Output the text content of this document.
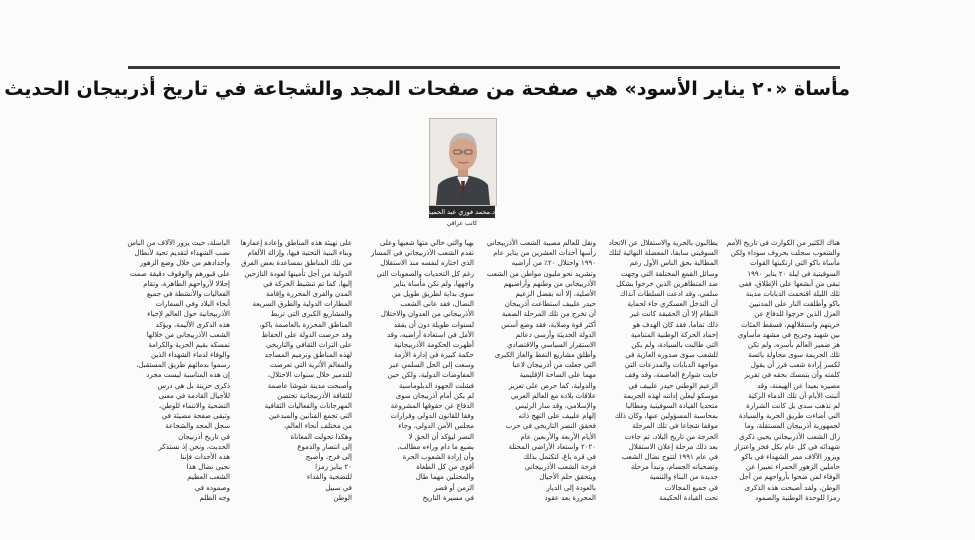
مأساة «٢٠ يناير الأسود» هي صفحة من صفحات المجد والشجاعة في تاريخ أذربيجان الحديث
د.محمد فوزي عبد الحميد
كاتب عراقي
هناك الكثير من الكوارث في تاريخ الأمم
والشعوب سجلت بحروف سوداء ولكن
مأساة باكو التي ارتكبتها القوات
السوفيتية في ليلة ٢٠ يناير ١٩٩٠
تبقى من أبشعها على الإطلاق، ففي
تلك الليلة اقتحمت الدبابات مدينة
باكو وأطلقت النار على المدنيين
العزل الذين خرجوا للدفاع عن
حريتهم واستقلالهم، فسقط المئات
بين شهيد وجريح في مشهد مأساوي
هز ضمير العالم بأسره، ولم تكن
تلك الجريمة سوى محاولة يائسة
لكسر إرادة شعب قرر أن يقول
كلمته وأن يتمسك بحقه في تقرير
مصيره بعيدا عن الهيمنة، وقد
أثبتت الأيام أن تلك الدماء الزكية
لم تذهب سدى بل كانت الشرارة
التي أضاءت طريق الحرية والسيادة
لجمهورية أذربيجان المستقلة، وما
زال الشعب الأذربيجاني يحيي ذكرى
شهدائه في كل عام بكل فخر واعتزاز
ويزور الآلاف ممر الشهداء في باكو
حاملين الزهور الحمراء تعبيرا عن
الوفاء لمن ضحوا بأرواحهم من أجل
الوطن، ولقد أصبحت هذه الذكرى
رمزا للوحدة الوطنية والصمود
يطالبون بالحرية والاستقلال عن الاتحاد
السوفيتي سابقا، المعضلة النهائية لتلك
المطالبة بحق الناس الأول رغم
وسائل القمع المختلفة التي وجهت
ضد المتظاهرين الذين خرجوا بشكل
سلمي، وقد ادعت السلطات آنذاك
أن التدخل العسكري جاء لحماية
النظام إلا أن الحقيقة كانت غير
ذلك تماما، فقد كان الهدف هو
إخماد الحركة الوطنية المتنامية
التي طالبت بالسيادة، ولم يكن
للشعب سوى صدوره العارية في
مواجهة الدبابات والمدرعات التي
جابت شوارع العاصمة، وقد وقف
الزعيم الوطني حيدر علييف في
موسكو ليعلن إدانته لهذه الجريمة
متحديا القيادة السوفيتية ومطالبا
بمحاسبة المسؤولين عنها، وكان ذلك
موقفا شجاعا في تلك المرحلة
الحرجة من تاريخ البلاد، ثم جاءت
بعد ذلك مرحلة إعلان الاستقلال
في عام ١٩٩١ لتتوج نضال الشعب
وتضحياته الجسام، وتبدأ مرحلة
جديدة من البناء والتنمية
في جميع المجالات
تحت القيادة الحكيمة
ونقل للعالم مصيبة الشعب الأذربيجاني
رأسها أحداث العشرين من يناير عام
١٩٩٠ واحتلال ٢٠٪ من أراضيه
وتشريد نحو مليون مواطن من الشعب
الأذربيجاني من وطنهم وأراضيهم
الأصلية، إلا أنه بفضل الزعيم
حيدر علييف استطاعت أذربيجان
أن تخرج من تلك المرحلة الصعبة
أكثر قوة وصلابة، فقد وضع أسس
الدولة الحديثة وأرسى دعائم
الاستقرار السياسي والاقتصادي
وأطلق مشاريع النفط والغاز الكبرى
التي جعلت من أذربيجان لاعبا
مهما على الساحة الإقليمية
والدولية، كما حرص على تعزيز
علاقات بلاده مع العالم العربي
والإسلامي، وقد سار الرئيس
إلهام علييف على النهج ذاته
فحقق النصر التاريخي في حرب
الأيام الأربعة والأربعين عام
٢٠٢٠ واستعاد الأراضي المحتلة
في قره باغ، لتكتمل بذلك
فرحة الشعب الأذربيجاني
ويتحقق حلم الأجيال
بالعودة إلى الديار
المحررة بعد عقود
بهيا والتي حالي متها شعبها وعلى
تقدم الشعب الأذربيجاني في المسار
الذي اختاره لنفسه منذ الاستقلال
رغم كل التحديات والصعوبات التي
واجهها، ولم تكن مأساة يناير
سوى بداية لطريق طويل من
النضال، فقد عانى الشعب
الأذربيجاني من العدوان والاحتلال
لسنوات طويلة دون أن يفقد
الأمل في استعادة أراضيه، وقد
أظهرت الحكومة الأذربيجانية
حكمة كبيرة في إدارة الأزمة
وسعت إلى الحل السلمي عبر
المفاوضات الدولية، ولكن حين
فشلت الجهود الدبلوماسية
لم يكن أمام أذربيجان سوى
الدفاع عن حقوقها المشروعة
وفقا للقانون الدولي وقرارات
مجلس الأمن الدولي، وجاء
النصر ليؤكد أن الحق لا
يضيع ما دام وراءه مطالب،
وأن إرادة الشعوب الحرة
أقوى من كل الطغاة
والمحتلين مهما طال
الزمن أو قصر
في مسيرة التاريخ
على تهيئة هذه المناطق وإعادة إعمارها
وبناء البنية التحتية فيها، وإزالة الألغام
من تلك المناطق بمساعدة بعض الفرق
الدولية من أجل تأمينها لعودة النازحين
إليها، كما تم تنشيط الحركة في
المدن والقرى المحررة وإقامة
المطارات الدولية والطرق السريعة
والمشاريع الكبرى التي تربط
المناطق المحررة بالعاصمة باكو،
وقد حرصت الدولة على الحفاظ
على التراث الثقافي والتاريخي
لهذه المناطق وترميم المساجد
والمعالم الأثرية التي تعرضت
للتدمير خلال سنوات الاحتلال،
وأصبحت مدينة شوشا عاصمة
للثقافة الأذربيجانية تحتضن
المهرجانات والفعاليات الثقافية
التي تجمع الفنانين والمبدعين
من مختلف أنحاء العالم،
وهكذا تحولت المعاناة
إلى انتصار والدموع
إلى فرح، وأصبح
٢٠ يناير رمزا
للتضحية والفداء
في سبيل
الوطن
الباسلة، حيث يزور الآلاف من الناس
نصب الشهداء لتقديم تحية لأبطال
وأجدادهم من خلال وضع الزهور
على قبورهم والوقوف دقيقة صمت
إجلالا لأرواحهم الطاهرة، وتقام
الفعاليات والأنشطة في جميع
أنحاء البلاد وفي السفارات
الأذربيجانية حول العالم لإحياء
هذه الذكرى الأليمة، ويؤكد
الشعب الأذربيجاني من خلالها
تمسكه بقيم الحرية والكرامة
والوفاء لدماء الشهداء الذين
رسموا بدمائهم طريق المستقبل،
إن هذه المناسبة ليست مجرد
ذكرى حزينة بل هي درس
للأجيال القادمة في معنى
التضحية والانتماء للوطن،
وتبقى صفحة مضيئة في
سجل المجد والشجاعة
في تاريخ أذربيجان
الحديث، ونحن إذ نستذكر
هذه الأحداث فإننا
نحيي نضال هذا
الشعب العظيم
وصموده في
وجه الظلم
